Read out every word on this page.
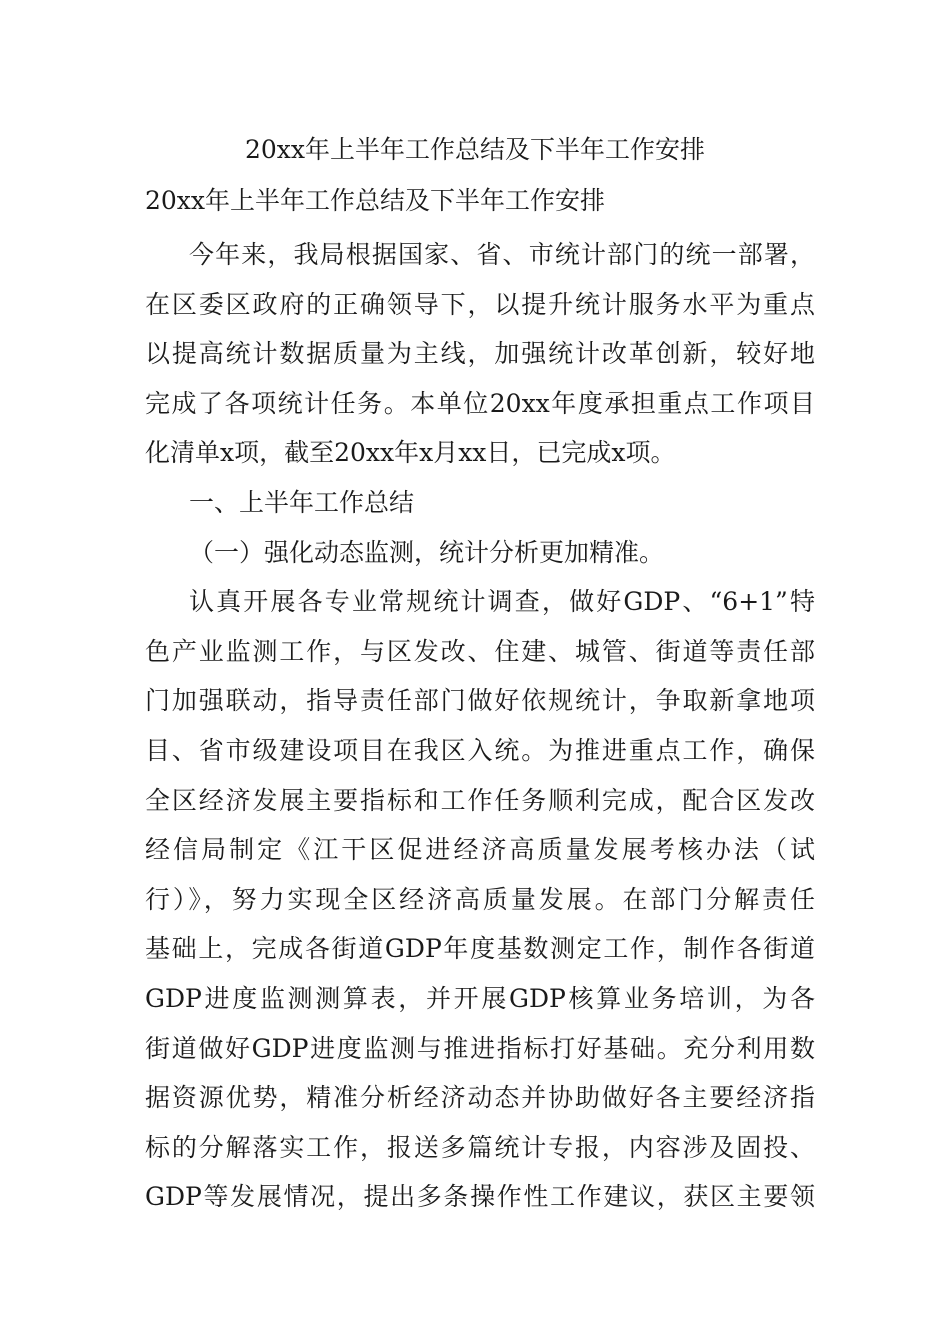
20xx年上半年工作总结及下半年工作安排
20xx年上半年工作总结及下半年工作安排
今年来，我局根据国家、省、市统计部门的统一部署，
在区委区政府的正确领导下，以提升统计服务水平为重点
以提高统计数据质量为主线，加强统计改革创新，较好地
完成了各项统计任务。本单位20xx年度承担重点工作项目
化清单x项，截至20xx年x月xx日，已完成x项。
一、上半年工作总结
（一）强化动态监测，统计分析更加精准。
认真开展各专业常规统计调查，做好GDP、“6+1”特
色产业监测工作，与区发改、住建、城管、街道等责任部
门加强联动，指导责任部门做好依规统计，争取新拿地项
目、省市级建设项目在我区入统。为推进重点工作，确保
全区经济发展主要指标和工作任务顺利完成，配合区发改
经信局制定《江干区促进经济高质量发展考核办法（试
行）》，努力实现全区经济高质量发展。在部门分解责任
基础上，完成各街道GDP年度基数测定工作，制作各街道
GDP进度监测测算表，并开展GDP核算业务培训，为各
街道做好GDP进度监测与推进指标打好基础。充分利用数
据资源优势，精准分析经济动态并协助做好各主要经济指
标的分解落实工作，报送多篇统计专报，内容涉及固投、
GDP等发展情况，提出多条操作性工作建议，获区主要领
